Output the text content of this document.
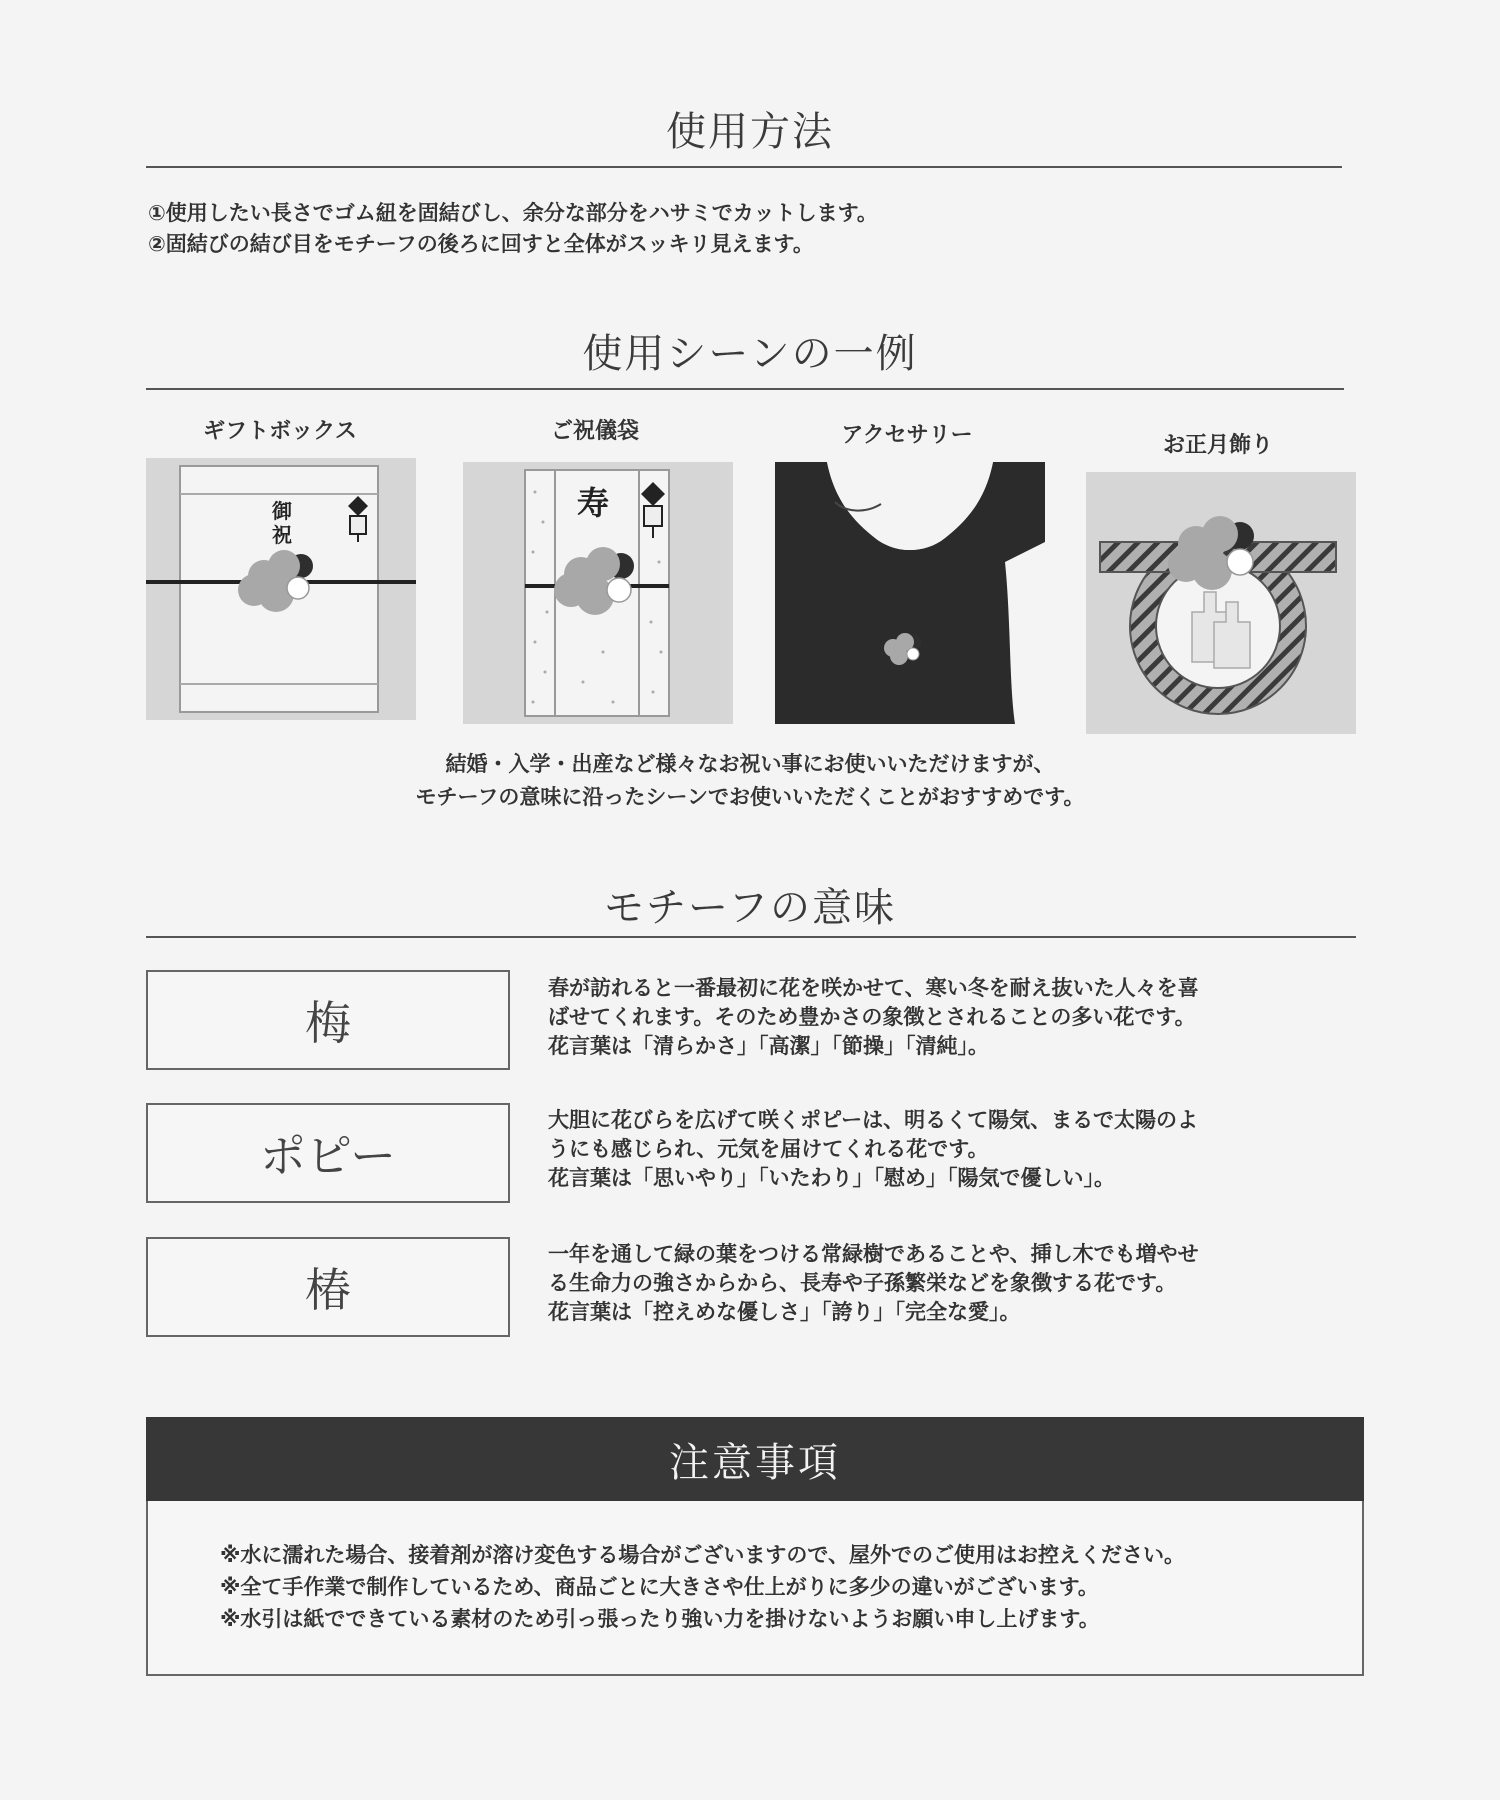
使用方法
①使用したい長さでゴム紐を固結びし、余分な部分をハサミでカットします。
②固結びの結び目をモチーフの後ろに回すと全体がスッキリ見えます。
使用シーンの一例
ギフトボックス	ご祝儀袋	アクセサリー	お正月飾り
御
祝
寿
結婚・入学・出産など様々なお祝い事にお使いいただけますが、
モチーフの意味に沿ったシーンでお使いいただくことがおすすめです。
モチーフの意味
梅
春が訪れると一番最初に花を咲かせて、寒い冬を耐え抜いた人々を喜
ばせてくれます。そのため豊かさの象徴とされることの多い花です。
花言葉は「清らかさ」「高潔」「節操」「清純」。
ポピー
大胆に花びらを広げて咲くポピーは、明るくて陽気、まるで太陽のよ
うにも感じられ、元気を届けてくれる花です。
花言葉は「思いやり」「いたわり」「慰め」「陽気で優しい」。
椿
一年を通して緑の葉をつける常緑樹であることや、挿し木でも増やせ
る生命力の強さからから、長寿や子孫繁栄などを象徴する花です。
花言葉は「控えめな優しさ」「誇り」「完全な愛」。
注意事項
※水に濡れた場合、接着剤が溶け変色する場合がございますので、屋外でのご使用はお控えください。
※全て手作業で制作しているため、商品ごとに大きさや仕上がりに多少の違いがございます。
※水引は紙でできている素材のため引っ張ったり強い力を掛けないようお願い申し上げます。
